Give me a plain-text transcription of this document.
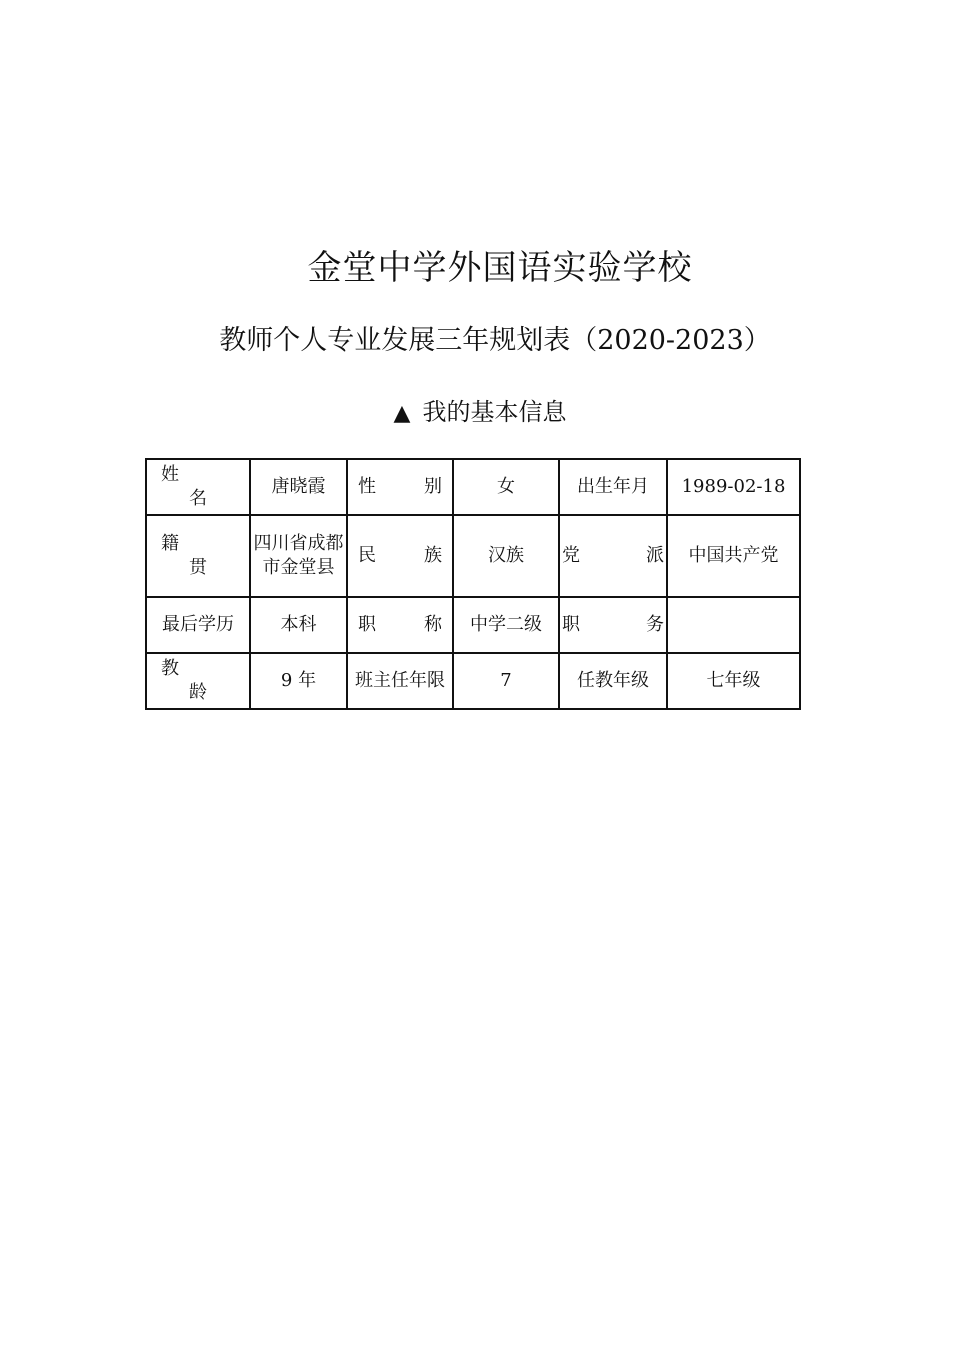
金堂中学外国语实验学校
教师个人专业发展三年规划表（2020-2023）
▲ 我的基本信息
姓
名	唐晓霞	性 别	女	出生年月	1989-02-18

籍
贯	四川省成都市金堂县	民 族	汉族	党 派	中国共产党
最后学历	本科	职 称	中学二级	职 务	

教
龄	9 年	班主任年限	7	任教年级	七年级
